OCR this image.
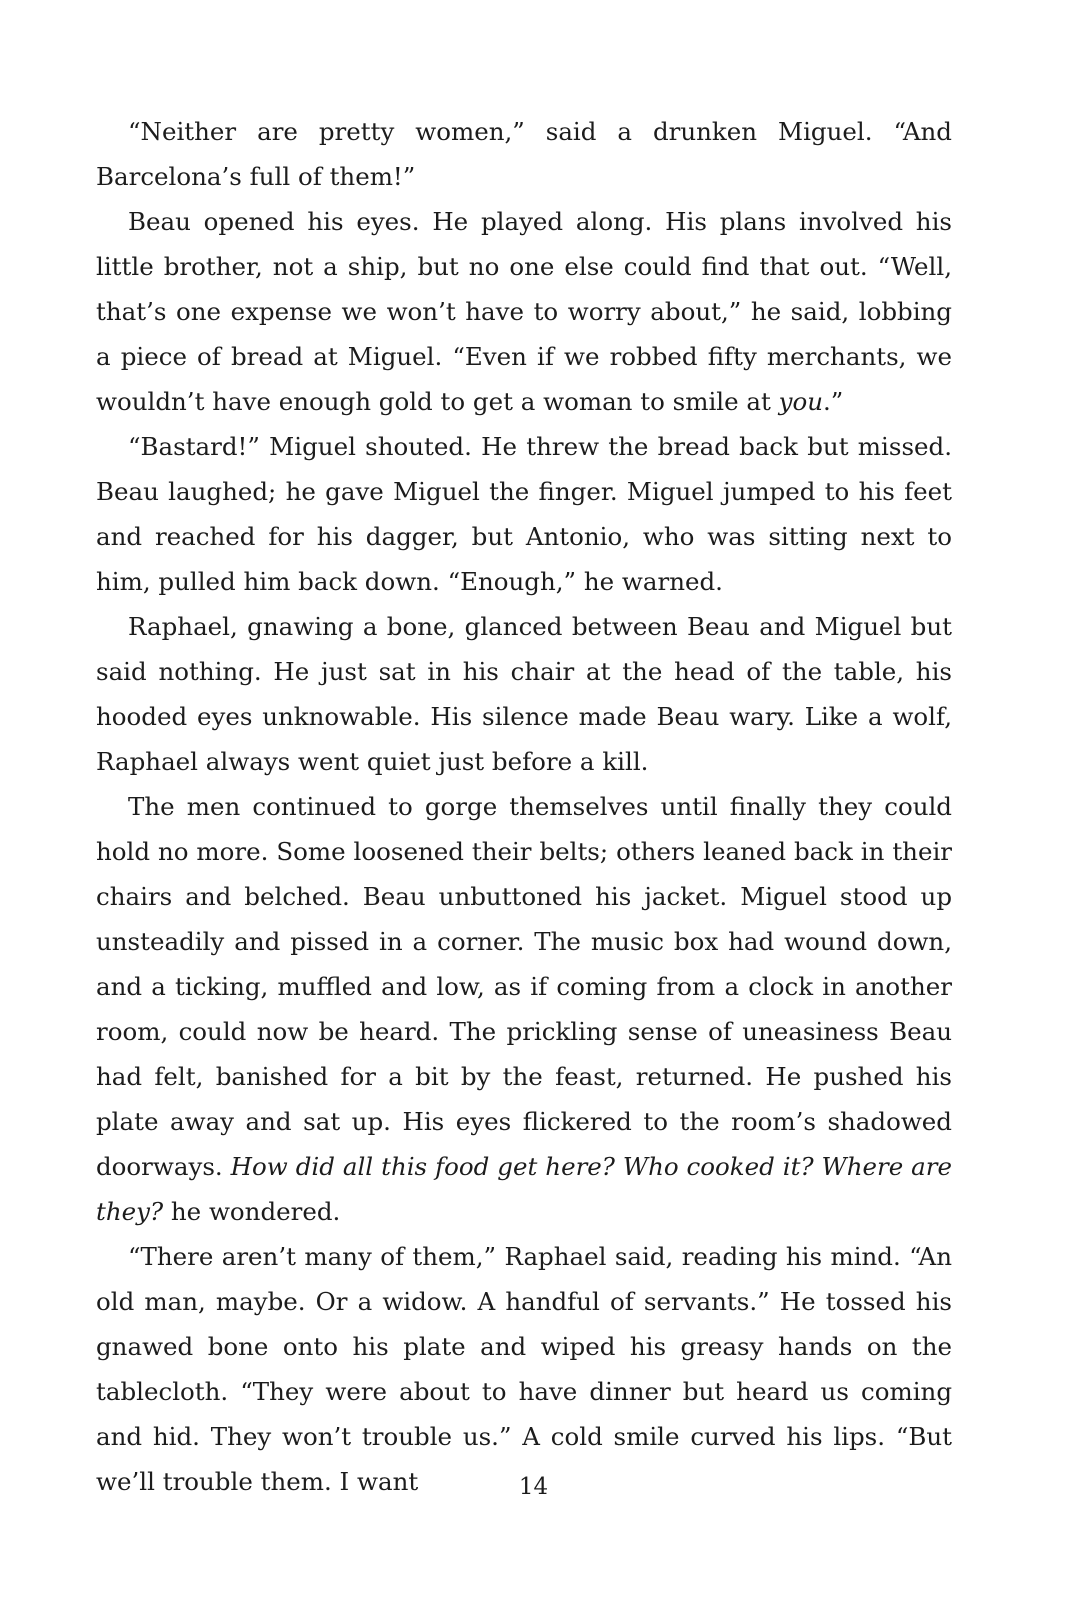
“Neither are pretty women,” said a drunken Miguel. “And Barcelona’s full of them!”

Beau opened his eyes. He played along. His plans involved his little brother, not a ship, but no one else could find that out. “Well, that’s one expense we won’t have to worry about,” he said, lobbing a piece of bread at Miguel. “Even if we robbed fifty merchants, we wouldn’t have enough gold to get a woman to smile at you.”

“Bastard!” Miguel shouted. He threw the bread back but missed. Beau laughed; he gave Miguel the finger. Miguel jumped to his feet and reached for his dagger, but Antonio, who was sitting next to him, pulled him back down. “Enough,” he warned.

Raphael, gnawing a bone, glanced between Beau and Miguel but said nothing. He just sat in his chair at the head of the table, his hooded eyes unknowable. His silence made Beau wary. Like a wolf, Raphael always went quiet just before a kill.

The men continued to gorge themselves until finally they could hold no more. Some loosened their belts; others leaned back in their chairs and belched. Beau unbuttoned his jacket. Miguel stood up unsteadily and pissed in a corner. The music box had wound down, and a ticking, muffled and low, as if coming from a clock in another room, could now be heard. The prickling sense of uneasiness Beau had felt, banished for a bit by the feast, returned. He pushed his plate away and sat up. His eyes flickered to the room’s shadowed doorways. How did all this food get here? Who cooked it? Where are they? he wondered.

“There aren’t many of them,” Raphael said, reading his mind. “An old man, maybe. Or a widow. A handful of servants.” He tossed his gnawed bone onto his plate and wiped his greasy hands on the tablecloth. “They were about to have dinner but heard us coming and hid. They won’t trouble us.” A cold smile curved his lips. “But we’ll trouble them. I want	14
